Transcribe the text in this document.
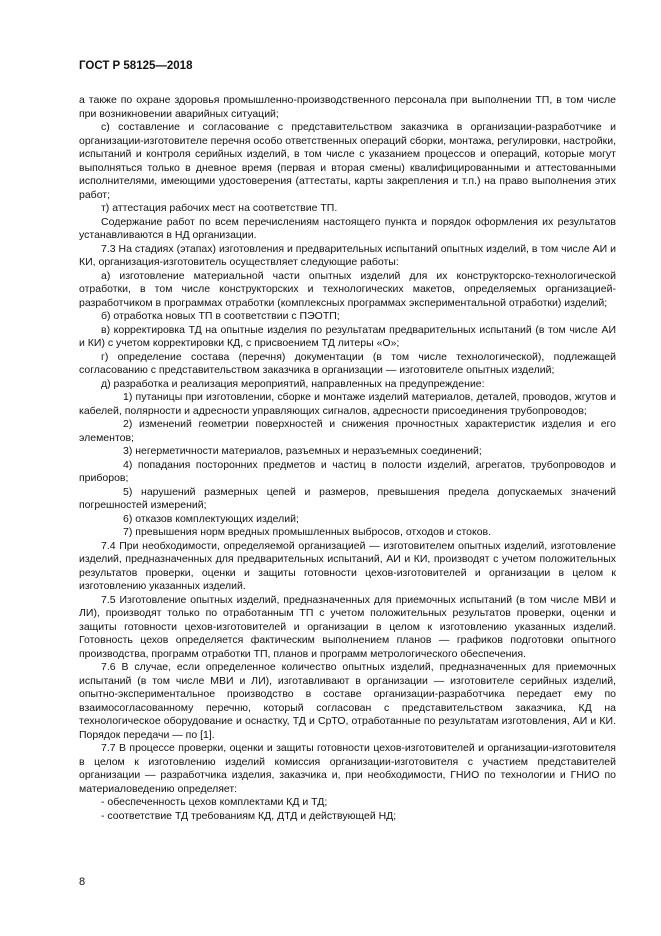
ГОСТ Р 58125—2018

а также по охране здоровья промышленно-производственного персонала при выполнении ТП, в том числе при возникновении аварийных ситуаций;

с) составление и согласование с представительством заказчика в организации-разработчике и организации-изготовителе перечня особо ответственных операций сборки, монтажа, регулировки, настройки, испытаний и контроля серийных изделий, в том числе с указанием процессов и операций, которые могут выполняться только в дневное время (первая и вторая смены) квалифицированными и аттестованными исполнителями, имеющими удостоверения (аттестаты, карты закрепления и т.п.) на право выполнения этих работ;

т) аттестация рабочих мест на соответствие ТП.

Содержание работ по всем перечислениям настоящего пункта и порядок оформления их результатов устанавливаются в НД организации.

7.3 На стадиях (этапах) изготовления и предварительных испытаний опытных изделий, в том числе АИ и КИ, организация-изготовитель осуществляет следующие работы:

а) изготовление материальной части опытных изделий для их конструкторско-технологической отработки, в том числе конструкторских и технологических макетов, определяемых организацией-разработчиком в программах отработки (комплексных программах экспериментальной отработки) изделий;

б) отработка новых ТП в соответствии с ПЭОТП;

в) корректировка ТД на опытные изделия по результатам предварительных испытаний (в том числе АИ и КИ) с учетом корректировки КД, с присвоением ТД литеры «О»;

г) определение состава (перечня) документации (в том числе технологической), подлежащей согласованию с представительством заказчика в организации — изготовителе опытных изделий;

д) разработка и реализация мероприятий, направленных на предупреждение:

1) путаницы при изготовлении, сборке и монтаже изделий материалов, деталей, проводов, жгутов и кабелей, полярности и адресности управляющих сигналов, адресности присоединения трубопроводов;

2) изменений геометрии поверхностей и снижения прочностных характеристик изделия и его элементов;

3) негерметичности материалов, разъемных и неразъемных соединений;

4) попадания посторонних предметов и частиц в полости изделий, агрегатов, трубопроводов и приборов;

5) нарушений размерных цепей и размеров, превышения предела допускаемых значений погрешностей измерений;

6) отказов комплектующих изделий;

7) превышения норм вредных промышленных выбросов, отходов и стоков.

7.4 При необходимости, определяемой организацией — изготовителем опытных изделий, изготовление изделий, предназначенных для предварительных испытаний, АИ и КИ, производят с учетом положительных результатов проверки, оценки и защиты готовности цехов-изготовителей и организации в целом к изготовлению указанных изделий.

7.5 Изготовление опытных изделий, предназначенных для приемочных испытаний (в том числе МВИ и ЛИ), производят только по отработанным ТП с учетом положительных результатов проверки, оценки и защиты готовности цехов-изготовителей и организации в целом к изготовлению указанных изделий. Готовность цехов определяется фактическим выполнением планов — графиков подготовки опытного производства, программ отработки ТП, планов и программ метрологического обеспечения.

7.6 В случае, если определенное количество опытных изделий, предназначенных для приемочных испытаний (в том числе МВИ и ЛИ), изготавливают в организации — изготовителе серийных изделий, опытно-экспериментальное производство в составе организации-разработчика передает ему по взаимосогласованному перечню, который согласован с представительством заказчика, КД на технологическое оборудование и оснастку, ТД и СрТО, отработанные по результатам изготовления, АИ и КИ. Порядок передачи — по [1].

7.7 В процессе проверки, оценки и защиты готовности цехов-изготовителей и организации-изготовителя в целом к изготовлению изделий комиссия организации-изготовителя с участием представителей организации — разработчика изделия, заказчика и, при необходимости, ГНИО по технологии и ГНИО по материаловедению определяет:

- обеспеченность цехов комплектами КД и ТД;

- соответствие ТД требованиям КД, ДТД и действующей НД;

8
